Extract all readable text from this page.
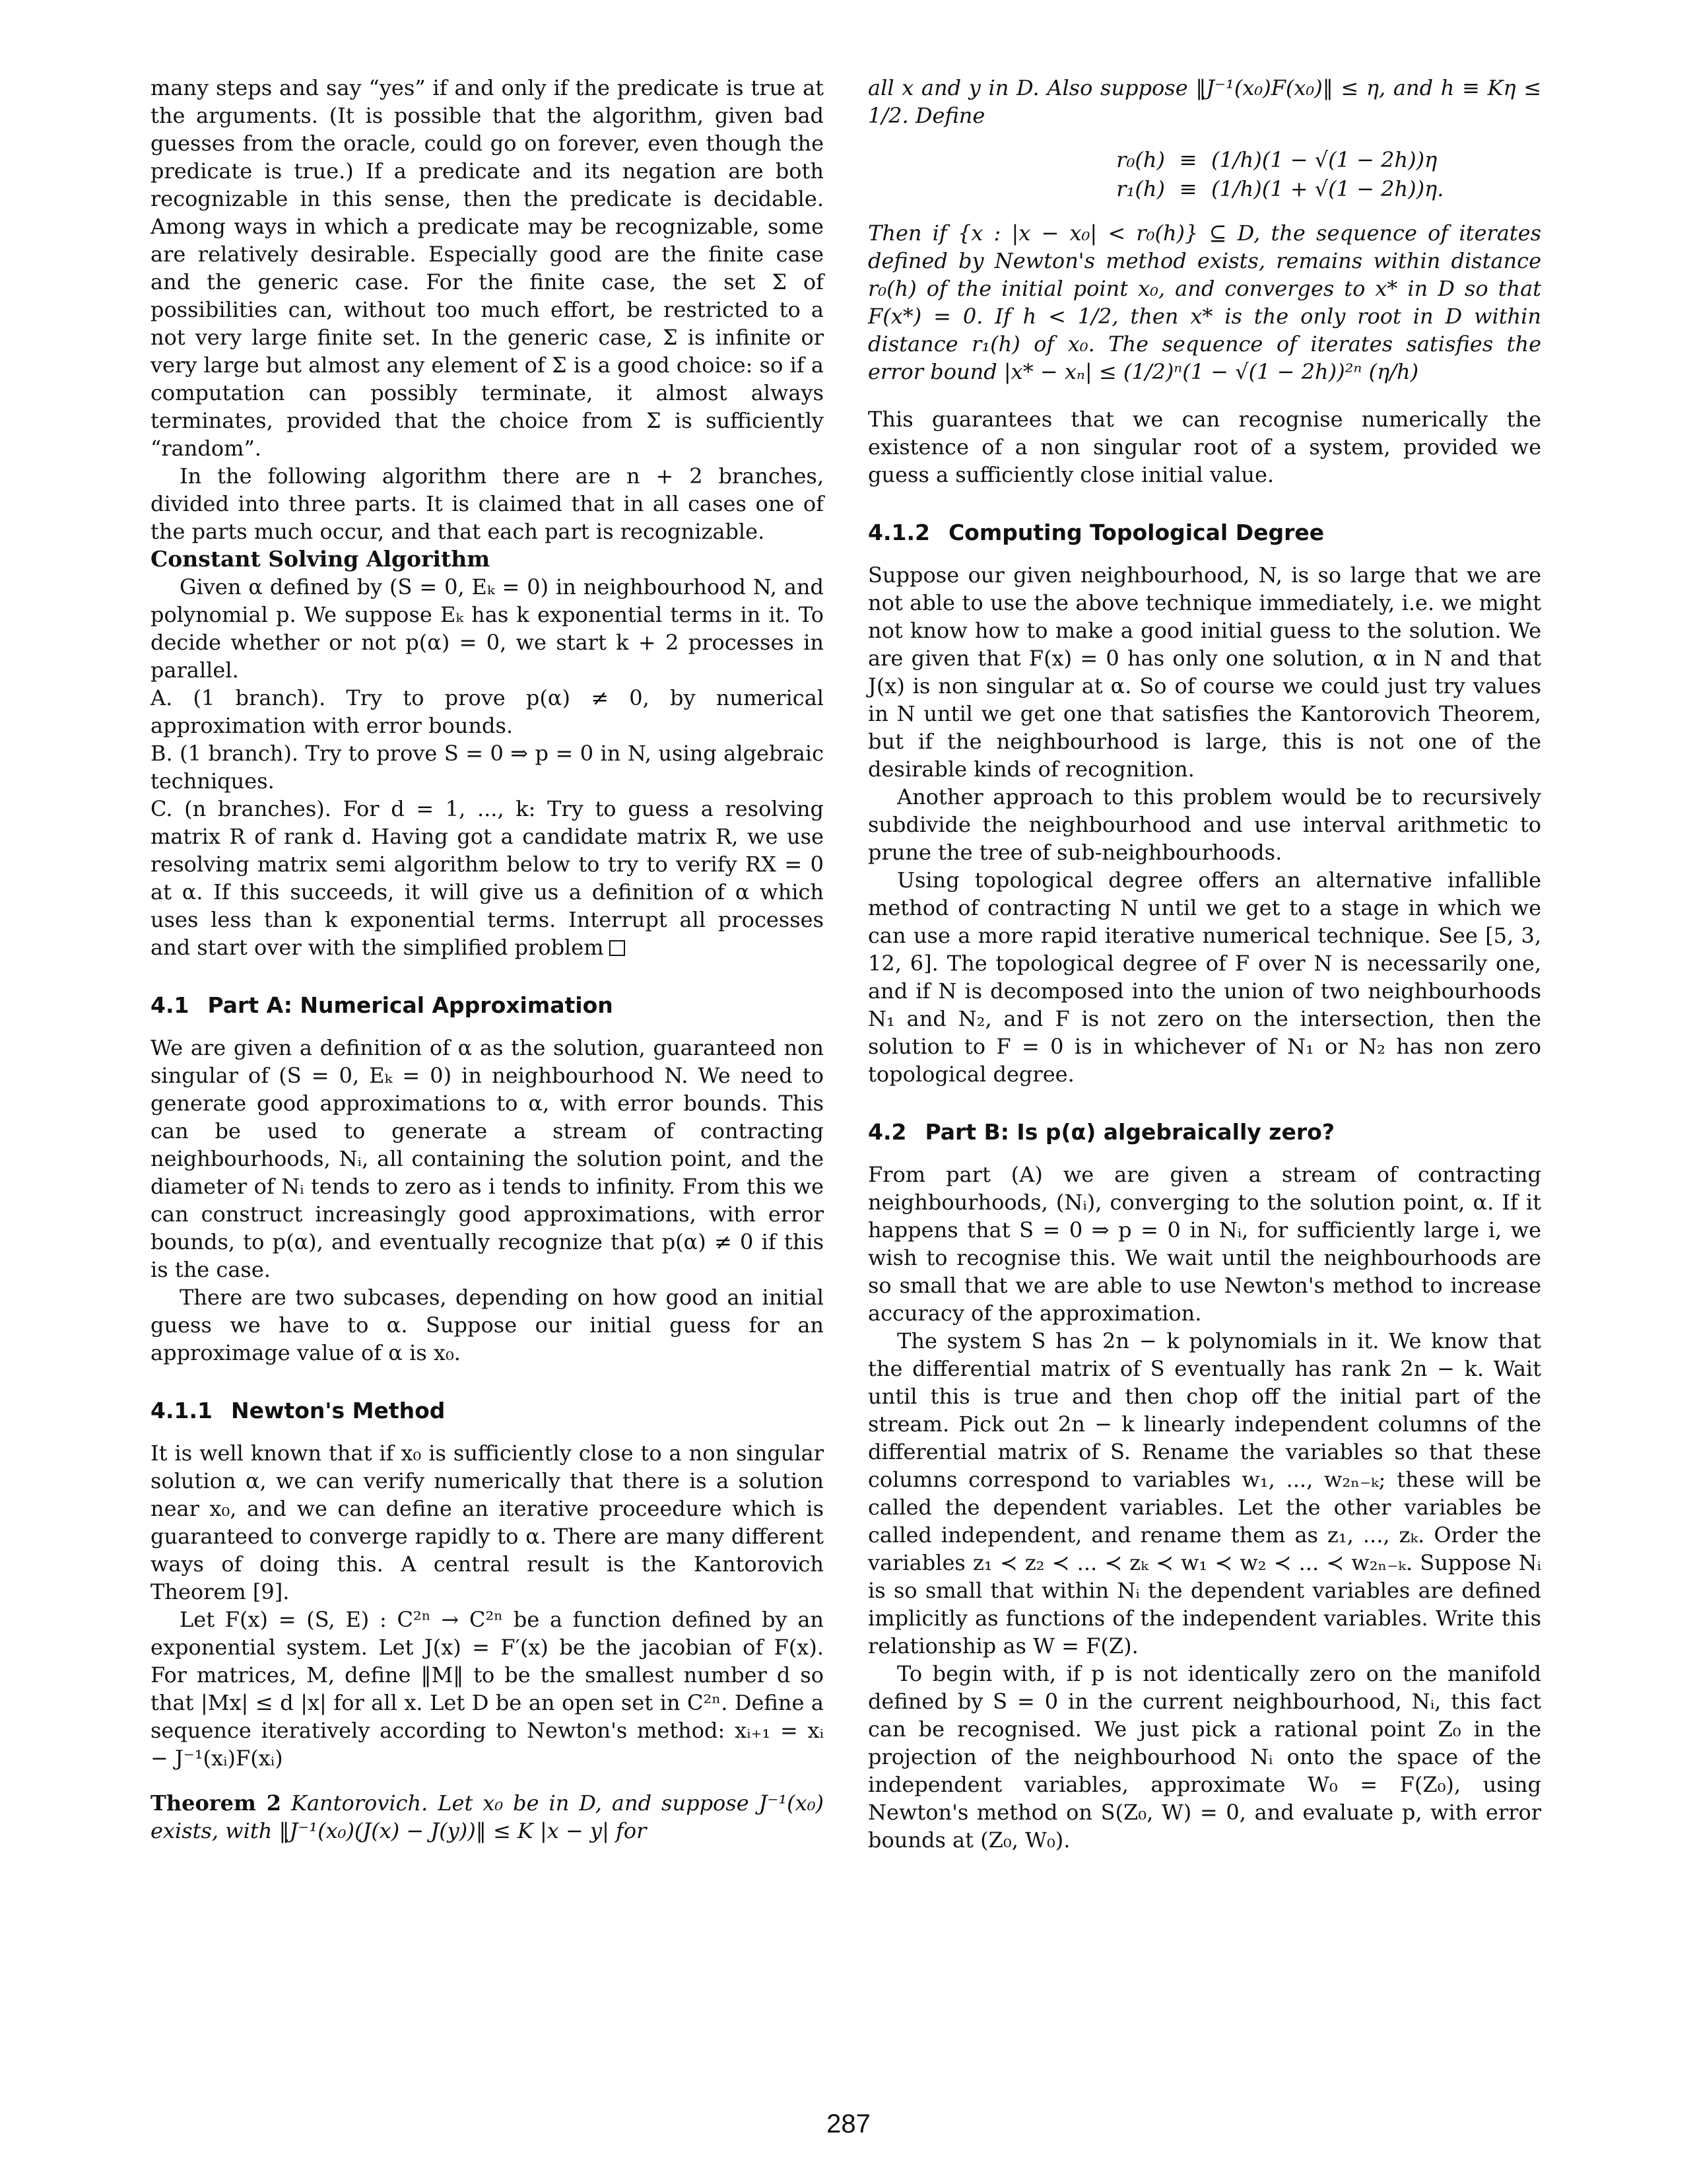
many steps and say “yes” if and only if the predicate is true at the arguments. (It is possible that the algorithm, given bad guesses from the oracle, could go on forever, even though the predicate is true.) If a predicate and its negation are both recognizable in this sense, then the predicate is decidable. Among ways in which a predicate may be recognizable, some are relatively desirable. Especially good are the finite case and the generic case. For the finite case, the set Σ of possibilities can, without too much effort, be restricted to a not very large finite set. In the generic case, Σ is infinite or very large but almost any element of Σ is a good choice: so if a computation can possibly terminate, it almost always terminates, provided that the choice from Σ is sufficiently “random”.

In the following algorithm there are n + 2 branches, divided into three parts. It is claimed that in all cases one of the parts much occur, and that each part is recognizable.

Constant Solving Algorithm

Given α defined by (S = 0, Eₖ = 0) in neighbourhood N, and polynomial p. We suppose Eₖ has k exponential terms in it. To decide whether or not p(α) = 0, we start k + 2 processes in parallel.

A. (1 branch). Try to prove p(α) ≠ 0, by numerical approximation with error bounds.

B. (1 branch). Try to prove S = 0 ⇒ p = 0 in N, using algebraic techniques.

C. (n branches). For d = 1, ..., k: Try to guess a resolving matrix R of rank d. Having got a candidate matrix R, we use resolving matrix semi algorithm below to try to verify RX = 0 at α. If this succeeds, it will give us a definition of α which uses less than k exponential terms. Interrupt all processes and start over with the simplified problem

4.1 Part A: Numerical Approximation

We are given a definition of α as the solution, guaranteed non singular of (S = 0, Eₖ = 0) in neighbourhood N. We need to generate good approximations to α, with error bounds. This can be used to generate a stream of contracting neighbourhoods, Nᵢ, all containing the solution point, and the diameter of Nᵢ tends to zero as i tends to infinity. From this we can construct increasingly good approximations, with error bounds, to p(α), and eventually recognize that p(α) ≠ 0 if this is the case.

There are two subcases, depending on how good an initial guess we have to α. Suppose our initial guess for an approximage value of α is x₀.

4.1.1 Newton's Method

It is well known that if x₀ is sufficiently close to a non singular solution α, we can verify numerically that there is a solution near x₀, and we can define an iterative proceedure which is guaranteed to converge rapidly to α. There are many different ways of doing this. A central result is the Kantorovich Theorem [9].

Let F(x) = (S, E) : C²ⁿ → C²ⁿ be a function defined by an exponential system. Let J(x) = F′(x) be the jacobian of F(x). For matrices, M, define ‖M‖ to be the smallest number d so that |Mx| ≤ d |x| for all x. Let D be an open set in C²ⁿ. Define a sequence iteratively according to Newton's method: xᵢ₊₁ = xᵢ − J⁻¹(xᵢ)F(xᵢ)

Theorem 2 Kantorovich. Let x₀ be in D, and suppose J⁻¹(x₀) exists, with ‖J⁻¹(x₀)(J(x) − J(y))‖ ≤ K |x − y| for

all x and y in D. Also suppose ‖J⁻¹(x₀)F(x₀)‖ ≤ η, and h ≡ Kη ≤ 1/2. Define

r₀(h) ≡ (1/h)(1 − √(1 − 2h))η
r₁(h) ≡ (1/h)(1 + √(1 − 2h))η.

Then if {x : |x − x₀| < r₀(h)} ⊆ D, the sequence of iterates defined by Newton's method exists, remains within distance r₀(h) of the initial point x₀, and converges to x* in D so that F(x*) = 0. If h < 1/2, then x* is the only root in D within distance r₁(h) of x₀. The sequence of iterates satisfies the error bound |x* − xₙ| ≤ (1/2)ⁿ(1 − √(1 − 2h))²ⁿ (η/h)

This guarantees that we can recognise numerically the existence of a non singular root of a system, provided we guess a sufficiently close initial value.

4.1.2 Computing Topological Degree

Suppose our given neighbourhood, N, is so large that we are not able to use the above technique immediately, i.e. we might not know how to make a good initial guess to the solution. We are given that F(x) = 0 has only one solution, α in N and that J(x) is non singular at α. So of course we could just try values in N until we get one that satisfies the Kantorovich Theorem, but if the neighbourhood is large, this is not one of the desirable kinds of recognition.

Another approach to this problem would be to recursively subdivide the neighbourhood and use interval arithmetic to prune the tree of sub-neighbourhoods.

Using topological degree offers an alternative infallible method of contracting N until we get to a stage in which we can use a more rapid iterative numerical technique. See [5, 3, 12, 6]. The topological degree of F over N is necessarily one, and if N is decomposed into the union of two neighbourhoods N₁ and N₂, and F is not zero on the intersection, then the solution to F = 0 is in whichever of N₁ or N₂ has non zero topological degree.

4.2 Part B: Is p(α) algebraically zero?

From part (A) we are given a stream of contracting neighbourhoods, (Nᵢ), converging to the solution point, α. If it happens that S = 0 ⇒ p = 0 in Nᵢ, for sufficiently large i, we wish to recognise this. We wait until the neighbourhoods are so small that we are able to use Newton's method to increase accuracy of the approximation.

The system S has 2n − k polynomials in it. We know that the differential matrix of S eventually has rank 2n − k. Wait until this is true and then chop off the initial part of the stream. Pick out 2n − k linearly independent columns of the differential matrix of S. Rename the variables so that these columns correspond to variables w₁, ..., w₂ₙ₋ₖ; these will be called the dependent variables. Let the other variables be called independent, and rename them as z₁, ..., zₖ. Order the variables z₁ ≺ z₂ ≺ ... ≺ zₖ ≺ w₁ ≺ w₂ ≺ ... ≺ w₂ₙ₋ₖ. Suppose Nᵢ is so small that within Nᵢ the dependent variables are defined implicitly as functions of the independent variables. Write this relationship as W = F(Z).

To begin with, if p is not identically zero on the manifold defined by S = 0 in the current neighbourhood, Nᵢ, this fact can be recognised. We just pick a rational point Z₀ in the projection of the neighbourhood Nᵢ onto the space of the independent variables, approximate W₀ = F(Z₀), using Newton's method on S(Z₀, W) = 0, and evaluate p, with error bounds at (Z₀, W₀).

287
